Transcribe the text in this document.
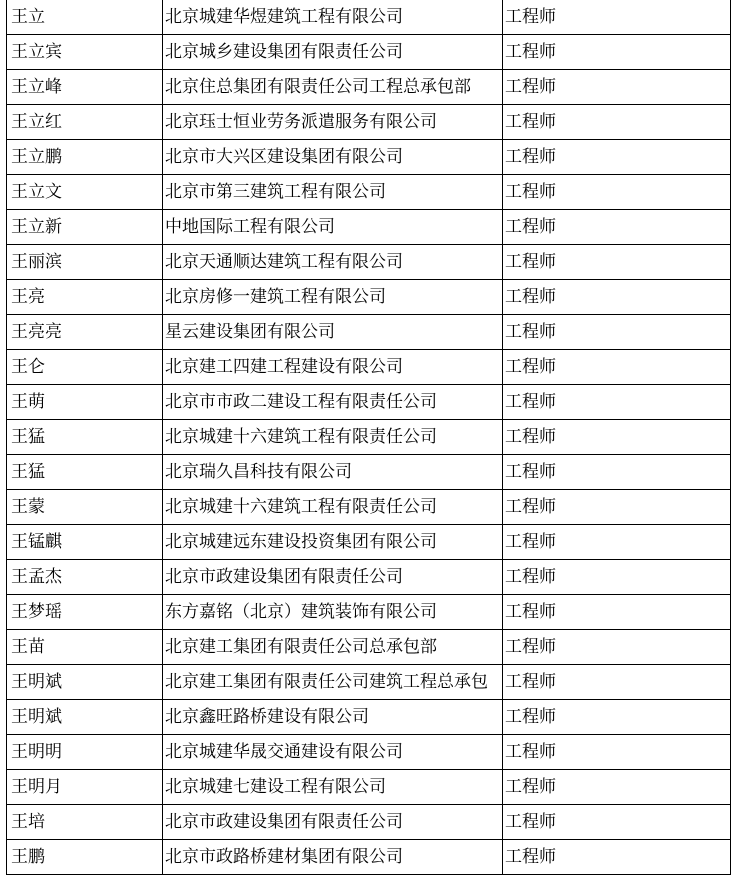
王立	北京城建华煜建筑工程有限公司	工程师
王立宾	北京城乡建设集团有限责任公司	工程师
王立峰	北京住总集团有限责任公司工程总承包部	工程师
王立红	北京珏士恒业劳务派遣服务有限公司	工程师
王立鹏	北京市大兴区建设集团有限公司	工程师
王立文	北京市第三建筑工程有限公司	工程师
王立新	中地国际工程有限公司	工程师
王丽滨	北京天通顺达建筑工程有限公司	工程师
王亮	北京房修一建筑工程有限公司	工程师
王亮亮	星云建设集团有限公司	工程师
王仑	北京建工四建工程建设有限公司	工程师
王萌	北京市市政二建设工程有限责任公司	工程师
王猛	北京城建十六建筑工程有限责任公司	工程师
王猛	北京瑞久昌科技有限公司	工程师
王蒙	北京城建十六建筑工程有限责任公司	工程师
王锰麒	北京城建远东建设投资集团有限公司	工程师
王孟杰	北京市政建设集团有限责任公司	工程师
王梦瑶	东方嘉铭（北京）建筑装饰有限公司	工程师
王苗	北京建工集团有限责任公司总承包部	工程师
王明斌	北京建工集团有限责任公司建筑工程总承包	工程师
王明斌	北京鑫旺路桥建设有限公司	工程师
王明明	北京城建华晟交通建设有限公司	工程师
王明月	北京城建七建设工程有限公司	工程师
王培	北京市政建设集团有限责任公司	工程师
王鹏	北京市政路桥建材集团有限公司	工程师
